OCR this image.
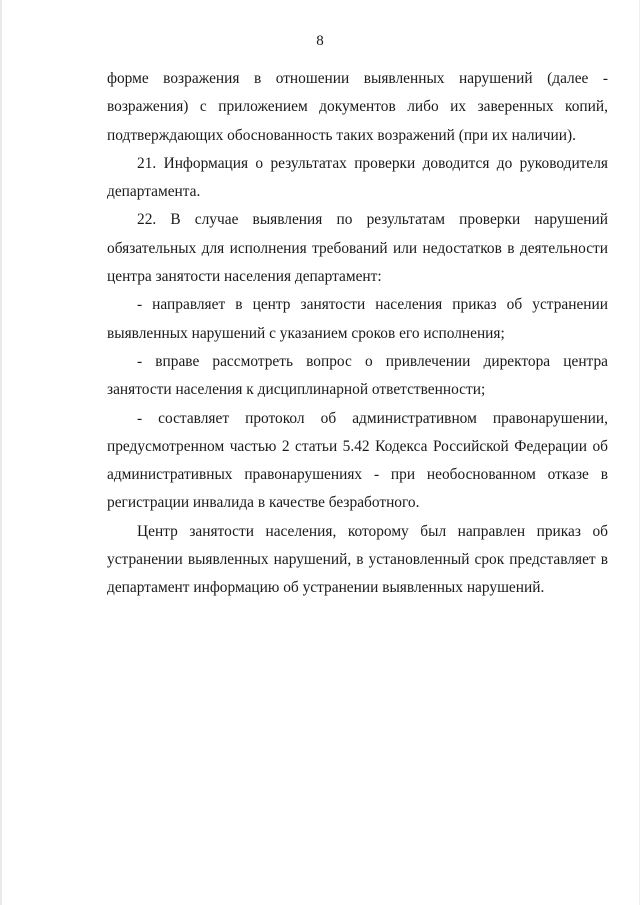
8

форме возражения в отношении выявленных нарушений (далее - возражения) с приложением документов либо их заверенных копий, подтверждающих обоснованность таких возражений (при их наличии).

21. Информация о результатах проверки доводится до руководителя департамента.

22. В случае выявления по результатам проверки нарушений обязательных для исполнения требований или недостатков в деятельности центра занятости населения департамент:

- направляет в центр занятости населения приказ об устранении выявленных нарушений с указанием сроков его исполнения;

- вправе рассмотреть вопрос о привлечении директора центра занятости населения к дисциплинарной ответственности;

- составляет протокол об административном правонарушении, предусмотренном частью 2 статьи 5.42 Кодекса Российской Федерации об административных правонарушениях - при необоснованном отказе в регистрации инвалида в качестве безработного.

Центр занятости населения, которому был направлен приказ об устранении выявленных нарушений, в установленный срок представляет в департамент информацию об устранении выявленных нарушений.
